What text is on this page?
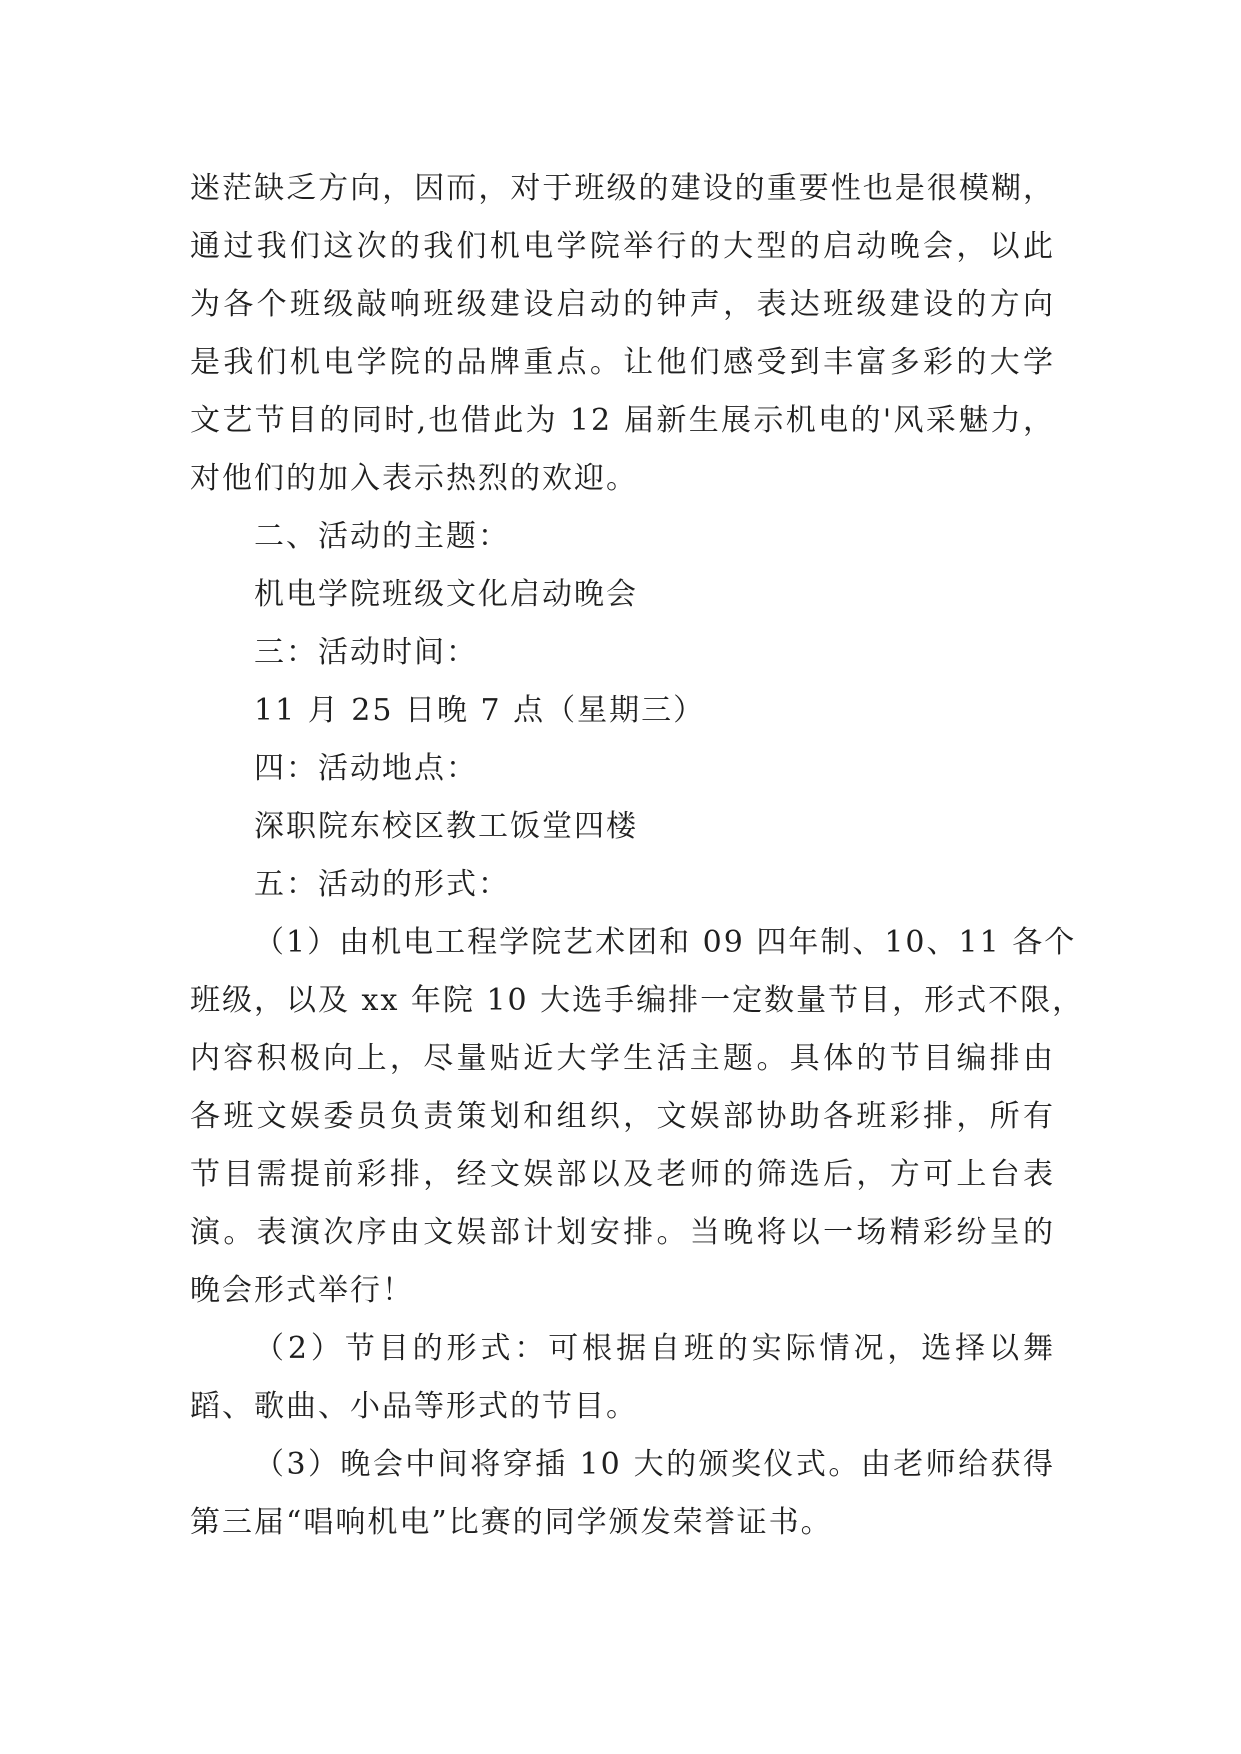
迷茫缺乏方向，因而，对于班级的建设的重要性也是很模糊，
通过我们这次的我们机电学院举行的大型的启动晚会，以此
为各个班级敲响班级建设启动的钟声，表达班级建设的方向
是我们机电学院的品牌重点。让他们感受到丰富多彩的大学
文艺节目的同时,也借此为 12 届新生展示机电的'风采魅力，
对他们的加入表示热烈的欢迎。
二、活动的主题：
机电学院班级文化启动晚会
三：活动时间：
11 月 25 日晚 7 点（星期三）
四：活动地点：
深职院东校区教工饭堂四楼
五：活动的形式：
（1）由机电工程学院艺术团和 09 四年制、10、11 各个
班级，以及 xx 年院 10 大选手编排一定数量节目，形式不限，
内容积极向上，尽量贴近大学生活主题。具体的节目编排由
各班文娱委员负责策划和组织，文娱部协助各班彩排，所有
节目需提前彩排，经文娱部以及老师的筛选后，方可上台表
演。表演次序由文娱部计划安排。当晚将以一场精彩纷呈的
晚会形式举行！
（2）节目的形式：可根据自班的实际情况，选择以舞
蹈、歌曲、小品等形式的节目。
（3）晚会中间将穿插 10 大的颁奖仪式。由老师给获得
第三届“唱响机电”比赛的同学颁发荣誉证书。
